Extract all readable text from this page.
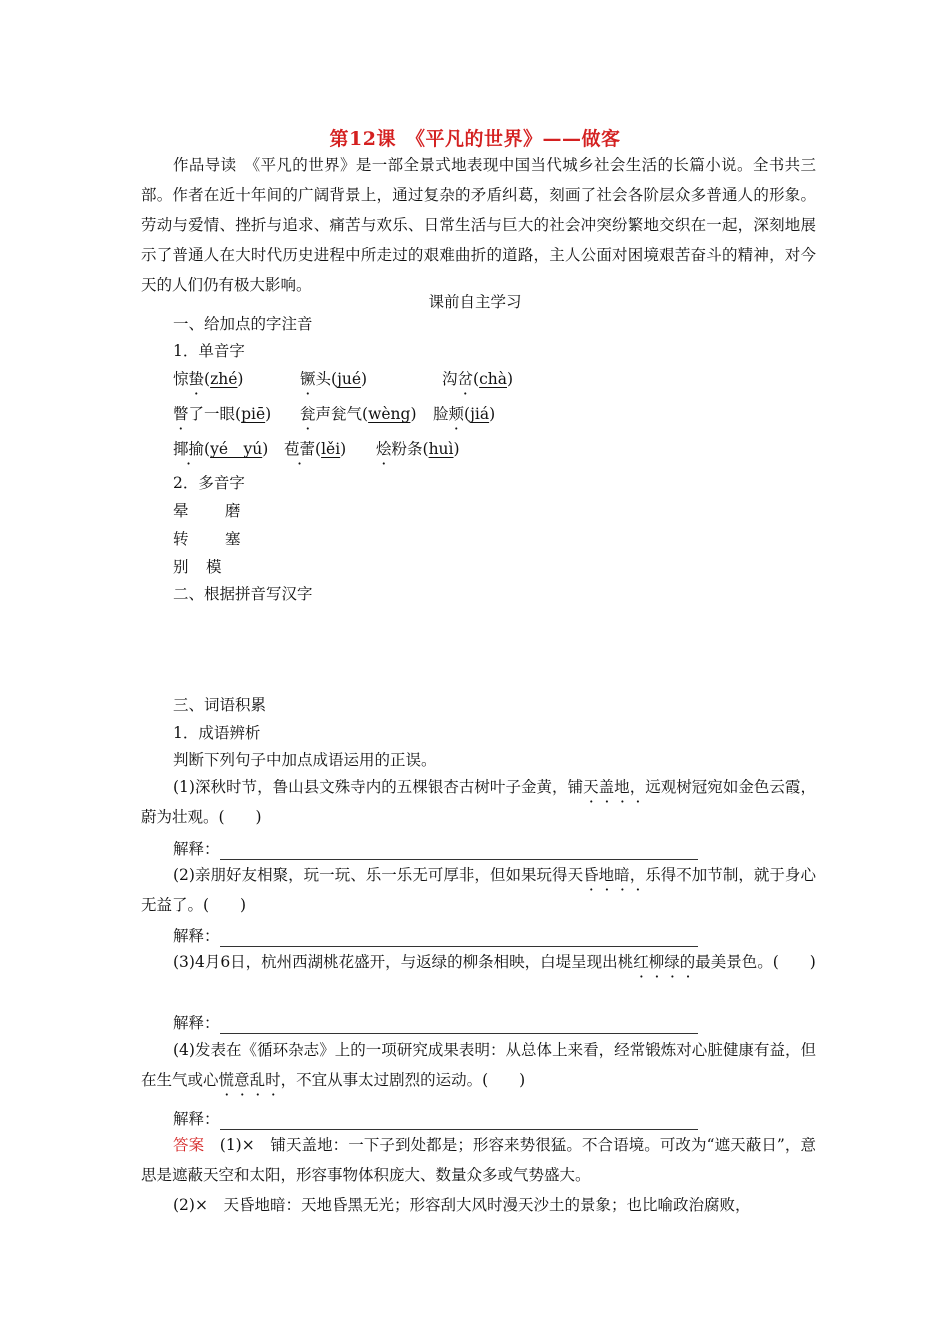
第12课　《平凡的世界》——做客
作品导读　 《平凡的世界》是一部全景式地表现中国当代城乡社会生活的长篇小说。全书共三部。作者在近十年间的广阔背景上，通过复杂的矛盾纠葛，刻画了社会各阶层众多普通人的形象。劳动与爱情、挫折与追求、痛苦与欢乐、日常生活与巨大的社会冲突纷繁地交织在一起，深刻地展示了普通人在大时代历史进程中所走过的艰难曲折的道路，主人公面对困境艰苦奋斗的精神，对今天的人们仍有极大影响。
课前自主学习
一、给加点的字注音
1．单音字
惊蛰(zhé)	镢头(jué)	沟岔(chà)
瞥了一眼(piē) 瓮声瓮气(wèng) 脸颊(jiá)
揶揄(yé　yú) 苞蕾(lěi) 烩粉条(huì)
2．多音字
晕 磨
转 塞
别 模
二、根据拼音写汉字
三、词语积累
1．成语辨析
判断下列句子中加点成语运用的正误。
(1)深秋时节，鲁山县文殊寺内的五棵银杏古树叶子金黄，铺天盖地，远观树冠宛如金色云霞，蔚为壮观。(　　)
解释：
(2)亲朋好友相聚，玩一玩、乐一乐无可厚非，但如果玩得天昏地暗，乐得不加节制，就于身心无益了。(　　)
解释：
(3)4月6日，杭州西湖桃花盛开，与返绿的柳条相映，白堤呈现出桃红柳绿的最美景色。(　　)
解释：
(4)发表在《循环杂志》上的一项研究成果表明：从总体上来看，经常锻炼对心脏健康有益，但在生气或心慌意乱时，不宜从事太过剧烈的运动。(　　)
解释：
答案　 (1)×　铺天盖地：一下子到处都是；形容来势很猛。不合语境。可改为“遮天蔽日”，意思是遮蔽天空和太阳，形容事物体积庞大、数量众多或气势盛大。
(2)×　天昏地暗：天地昏黑无光；形容刮大风时漫天沙土的景象；也比喻政治腐败，
